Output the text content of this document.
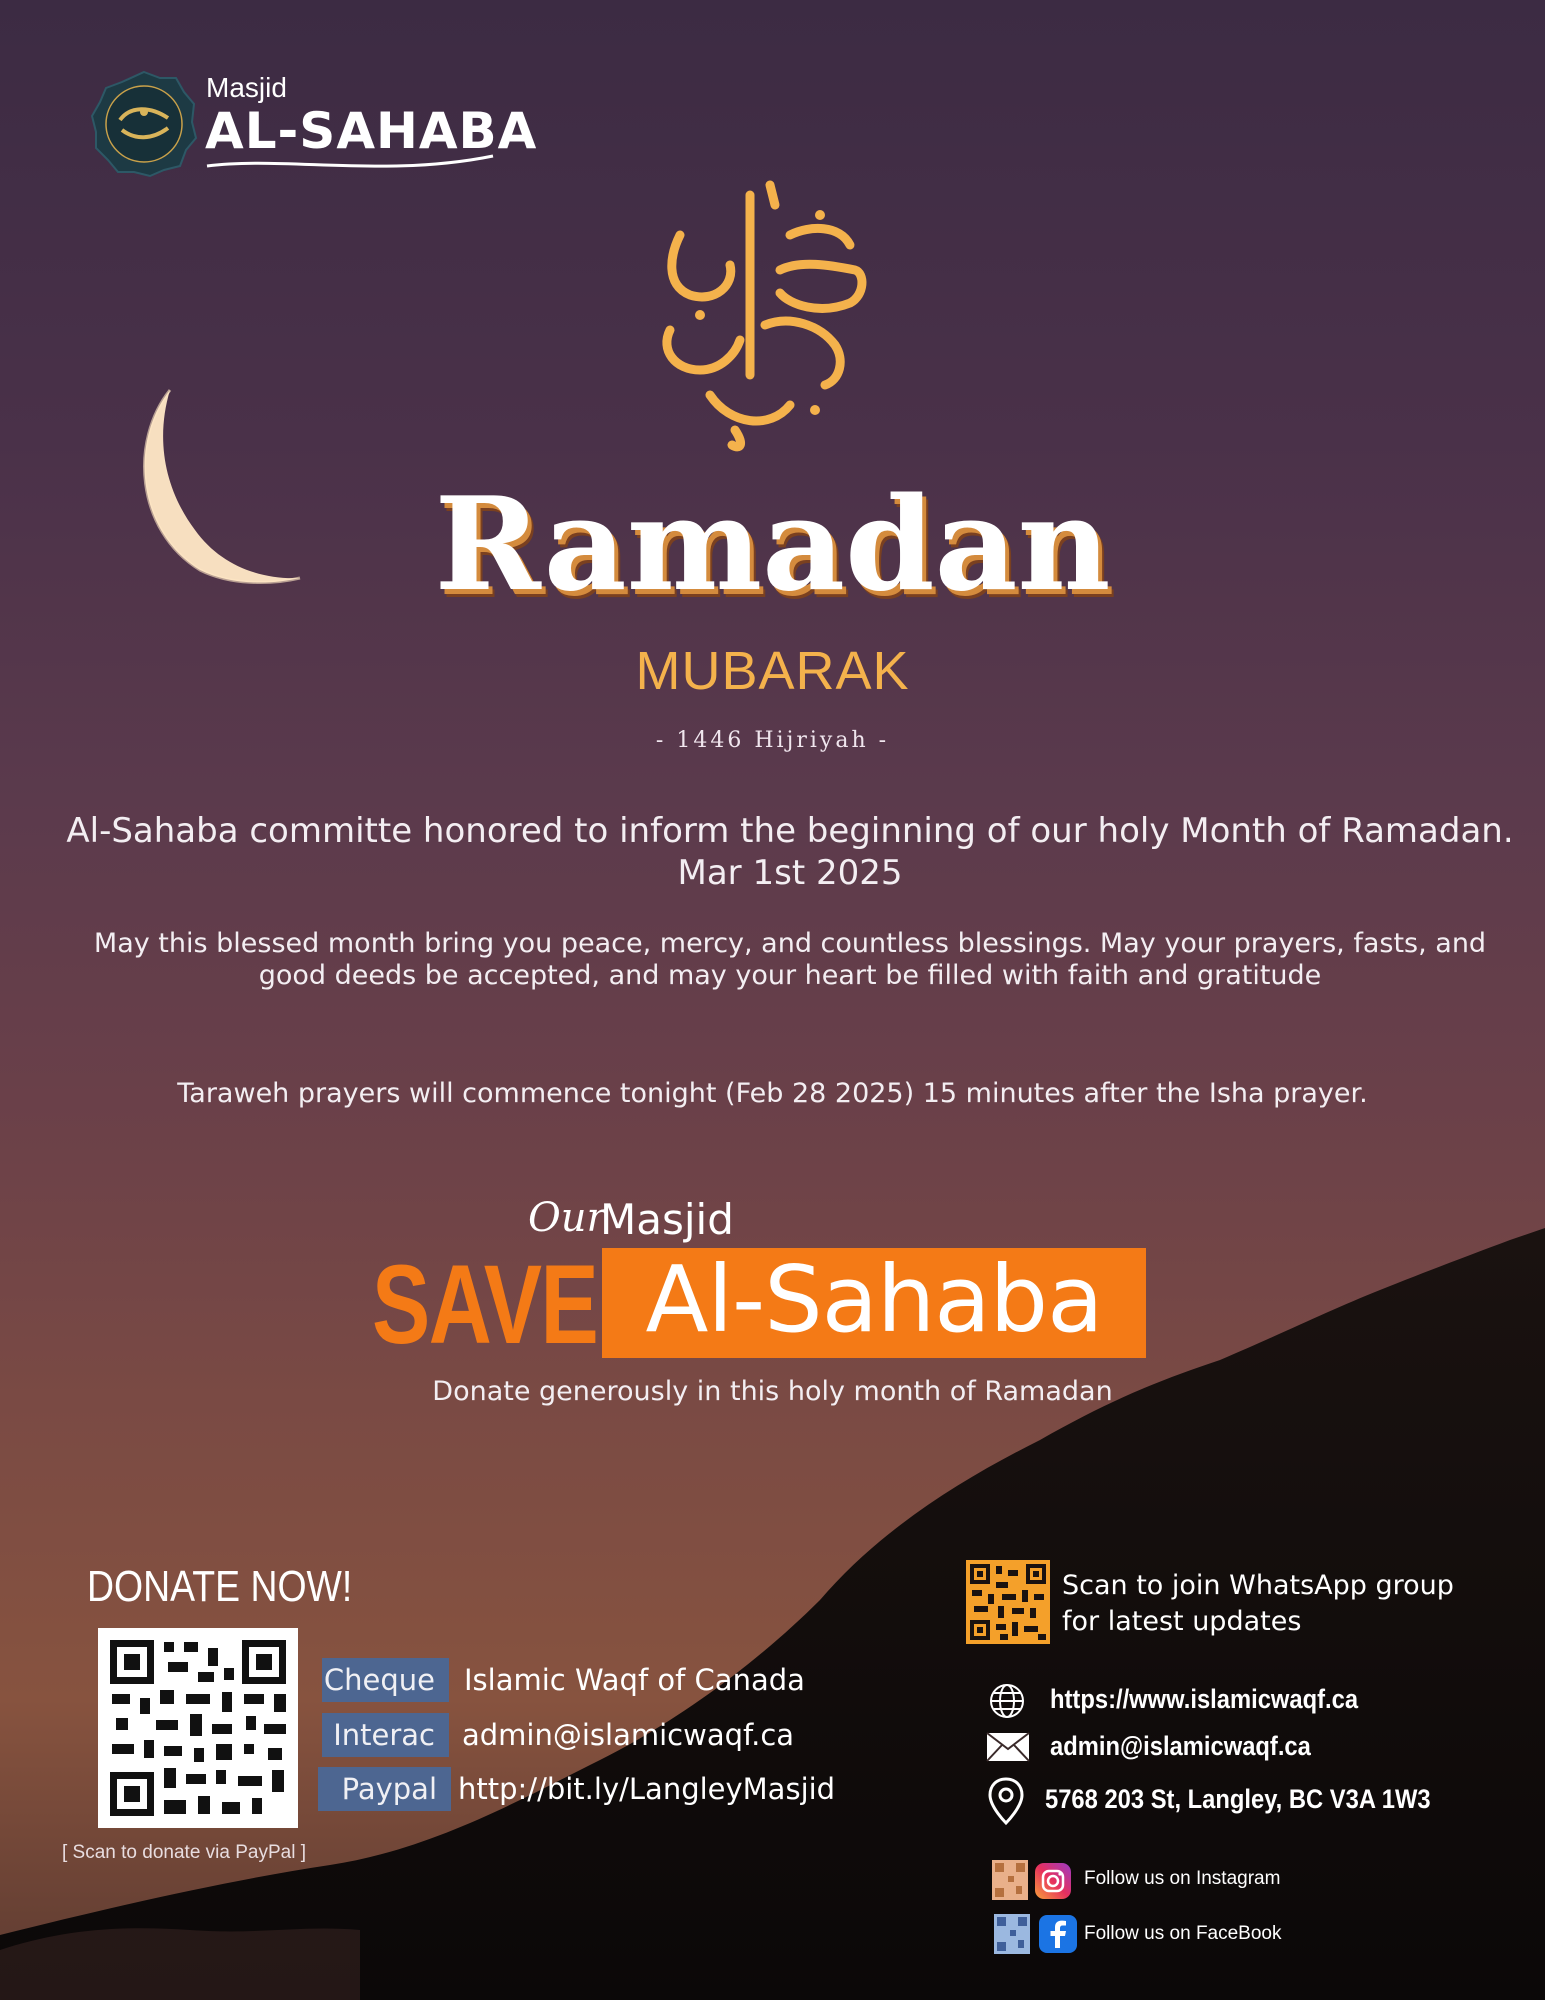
Masjid
AL-SAHABA
Ramadan
MUBARAK
- 1446 Hijriyah -
Al-Sahaba committe honored to inform the beginning of our holy Month of Ramadan.
Mar 1st 2025
May this blessed month bring you peace, mercy, and countless blessings. May your prayers, fasts, and good deeds be accepted, and may your heart be filled with faith and gratitude
Taraweh prayers will commence tonight (Feb 28 2025) 15 minutes after the Isha prayer.
Our
Masjid
SAVE Al-Sahaba
Donate generously in this holy month of Ramadan
DONATE NOW!
[ Scan to donate via PayPal ]
Cheque	Islamic Waqf of Canada
Interac admin@islamicwaqf.ca
Paypal http://bit.ly/LangleyMasjid
Scan to join WhatsApp group
for latest updates
https://www.islamicwaqf.ca
admin@islamicwaqf.ca
5768 203 St, Langley, BC V3A 1W3
Follow us on Instagram
Follow us on FaceBook
